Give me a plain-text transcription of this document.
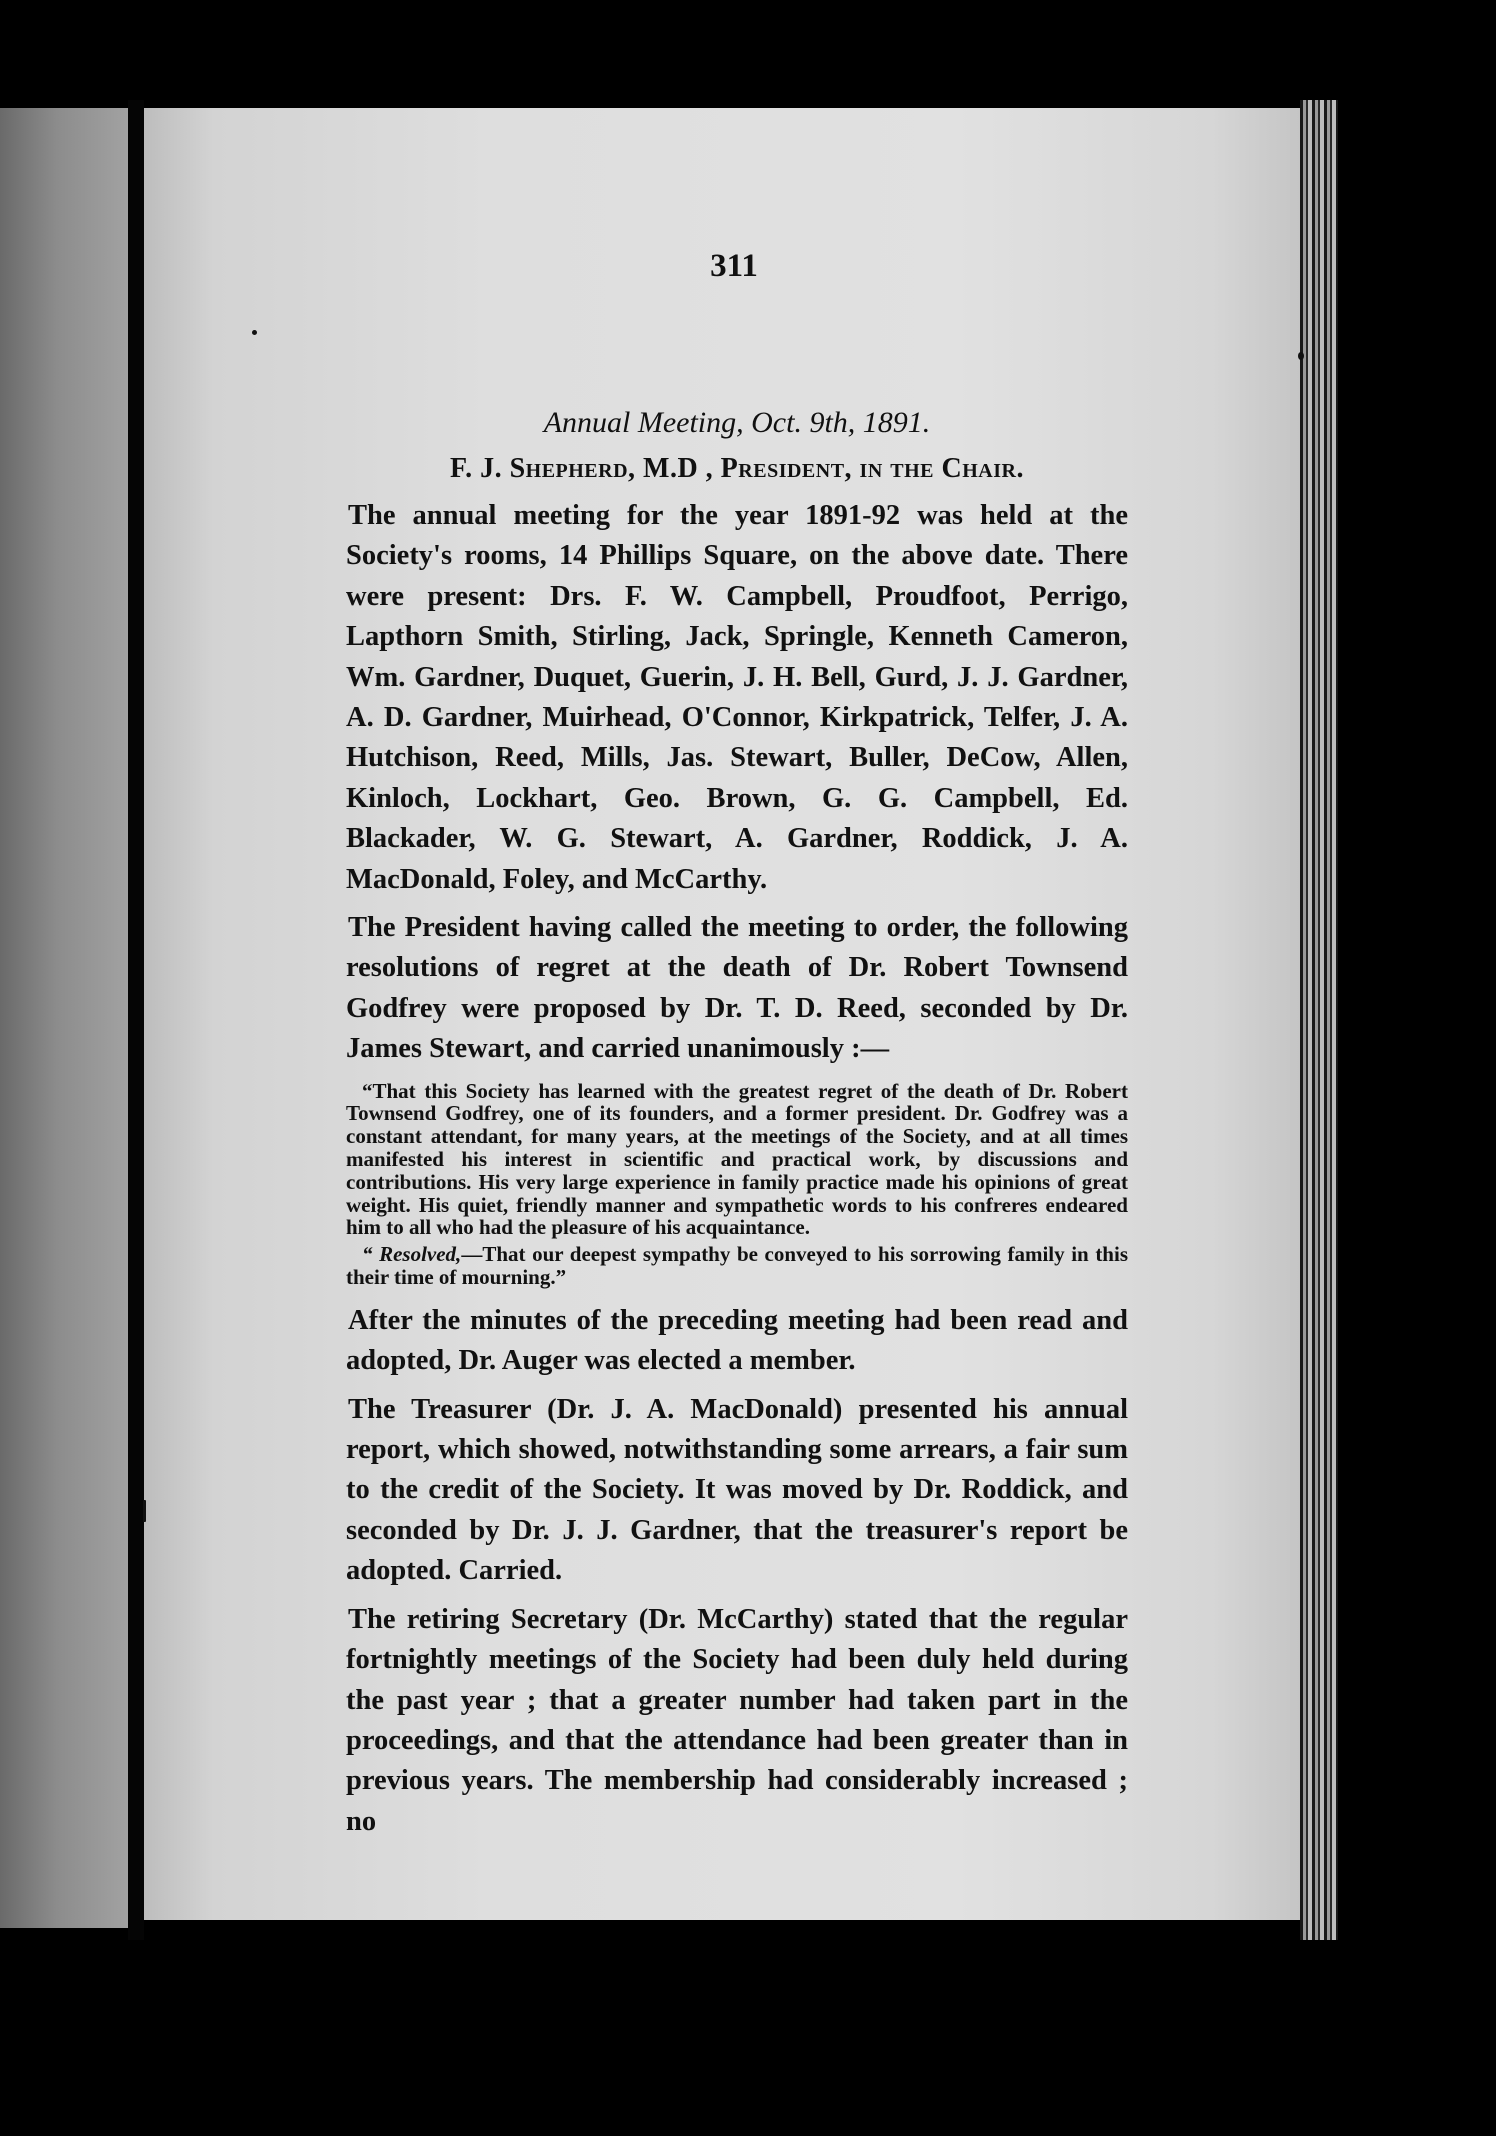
311

Annual Meeting, Oct. 9th, 1891.

F. J. Shepherd, M.D , President, in the Chair.

The annual meeting for the year 1891-92 was held at the Society's rooms, 14 Phillips Square, on the above date. There were present: Drs. F. W. Campbell, Proudfoot, Perrigo, Lapthorn Smith, Stirling, Jack, Springle, Kenneth Cameron, Wm. Gardner, Duquet, Guerin, J. H. Bell, Gurd, J. J. Gardner, A. D. Gardner, Muirhead, O'Connor, Kirkpatrick, Telfer, J. A. Hutchison, Reed, Mills, Jas. Stewart, Buller, DeCow, Allen, Kinloch, Lockhart, Geo. Brown, G. G. Campbell, Ed. Blackader, W. G. Stewart, A. Gardner, Roddick, J. A. MacDonald, Foley, and McCarthy.

The President having called the meeting to order, the following resolutions of regret at the death of Dr. Robert Townsend Godfrey were proposed by Dr. T. D. Reed, seconded by Dr. James Stewart, and carried unanimously :—

“That this Society has learned with the greatest regret of the death of Dr. Robert Townsend Godfrey, one of its founders, and a former president. Dr. Godfrey was a constant attendant, for many years, at the meetings of the Society, and at all times manifested his interest in scientific and practical work, by discussions and contributions. His very large experience in family practice made his opinions of great weight. His quiet, friendly manner and sympathetic words to his confreres endeared him to all who had the pleasure of his acquaintance.

“ Resolved,—That our deepest sympathy be conveyed to his sorrowing family in this their time of mourning.”

After the minutes of the preceding meeting had been read and adopted, Dr. Auger was elected a member.

The Treasurer (Dr. J. A. MacDonald) presented his annual report, which showed, notwithstanding some arrears, a fair sum to the credit of the Society. It was moved by Dr. Roddick, and seconded by Dr. J. J. Gardner, that the treasurer's report be adopted. Carried.

The retiring Secretary (Dr. McCarthy) stated that the regular fortnightly meetings of the Society had been duly held during the past year ; that a greater number had taken part in the proceedings, and that the attendance had been greater than in previous years. The membership had considerably increased ; no
